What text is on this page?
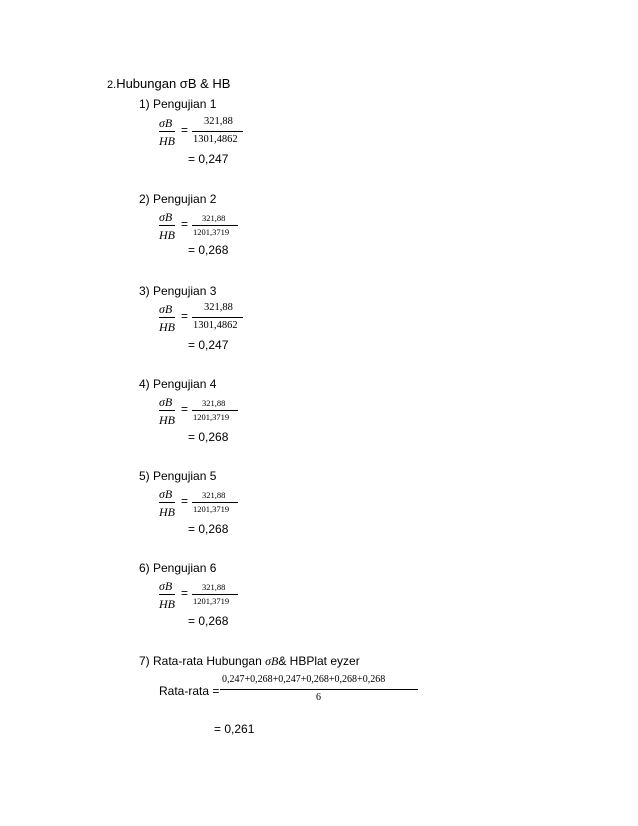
2.Hubungan σB & HB
1) Pengujian 1
σB
HB
=
321,88
1301,4862
= 0,247
2) Pengujian 2
σB
HB
= 321,88
1201,3719
= 0,268
3) Pengujian 3
σB
HB
=
321,88
1301,4862
= 0,247
4) Pengujian 4
σB
HB
= 321,88
1201,3719
= 0,268
5) Pengujian 5
σB
HB
= 321,88
1201,3719
= 0,268
6) Pengujian 6
σB
HB
= 321,88
1201,3719
= 0,268
7) Rata-rata Hubungan σB& HBPlat eyzer
Rata-rata =
0,247+0,268+0,247+0,268+0,268+0,268
6
= 0,261
